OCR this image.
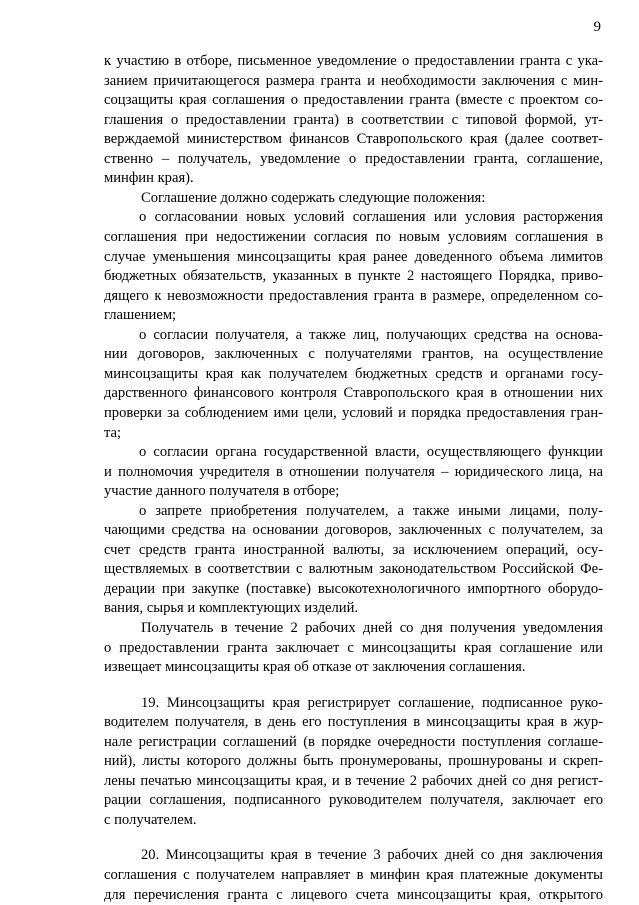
9
к участию в отборе, письменное уведомление о предоставлении гранта с ука-
занием причитающегося размера гранта и необходимости заключения с мин-
соцзащиты края соглашения о предоставлении гранта (вместе с проектом со-
глашения о предоставлении гранта) в соответствии с типовой формой, ут-
верждаемой министерством финансов Ставропольского края (далее соответ-
ственно – получатель, уведомление о предоставлении гранта, соглашение,
минфин края).
Соглашение должно содержать следующие положения:
о согласовании новых условий соглашения или условия расторжения
соглашения при недостижении согласия по новым условиям соглашения в
случае уменьшения минсоцзащиты края ранее доведенного объема лимитов
бюджетных обязательств, указанных в пункте 2 настоящего Порядка, приво-
дящего к невозможности предоставления гранта в размере, определенном со-
глашением;
о согласии получателя, а также лиц, получающих средства на основа-
нии договоров, заключенных с получателями грантов, на осуществление
минсоцзащиты края как получателем бюджетных средств и органами госу-
дарственного финансового контроля Ставропольского края в отношении них
проверки за соблюдением ими цели, условий и порядка предоставления гран-
та;
о согласии органа государственной власти, осуществляющего функции
и полномочия учредителя в отношении получателя – юридического лица, на
участие данного получателя в отборе;
о запрете приобретения получателем, а также иными лицами, полу-
чающими средства на основании договоров, заключенных с получателем, за
счет средств гранта иностранной валюты, за исключением операций, осу-
ществляемых в соответствии с валютным законодательством Российской Фе-
дерации при закупке (поставке) высокотехнологичного импортного оборудо-
вания, сырья и комплектующих изделий.
Получатель в течение 2 рабочих дней со дня получения уведомления
о предоставлении гранта заключает с минсоцзащиты края соглашение или
извещает минсоцзащиты края об отказе от заключения соглашения.
19. Минсоцзащиты края регистрирует соглашение, подписанное руко-
водителем получателя, в день его поступления в минсоцзащиты края в жур-
нале регистрации соглашений (в порядке очередности поступления соглаше-
ний), листы которого должны быть пронумерованы, прошнурованы и скреп-
лены печатью минсоцзащиты края, и в течение 2 рабочих дней со дня регист-
рации соглашения, подписанного руководителем получателя, заключает его
с получателем.
20. Минсоцзащиты края в течение 3 рабочих дней со дня заключения
соглашения с получателем направляет в минфин края платежные документы
для перечисления гранта с лицевого счета минсоцзащиты края, открытого
